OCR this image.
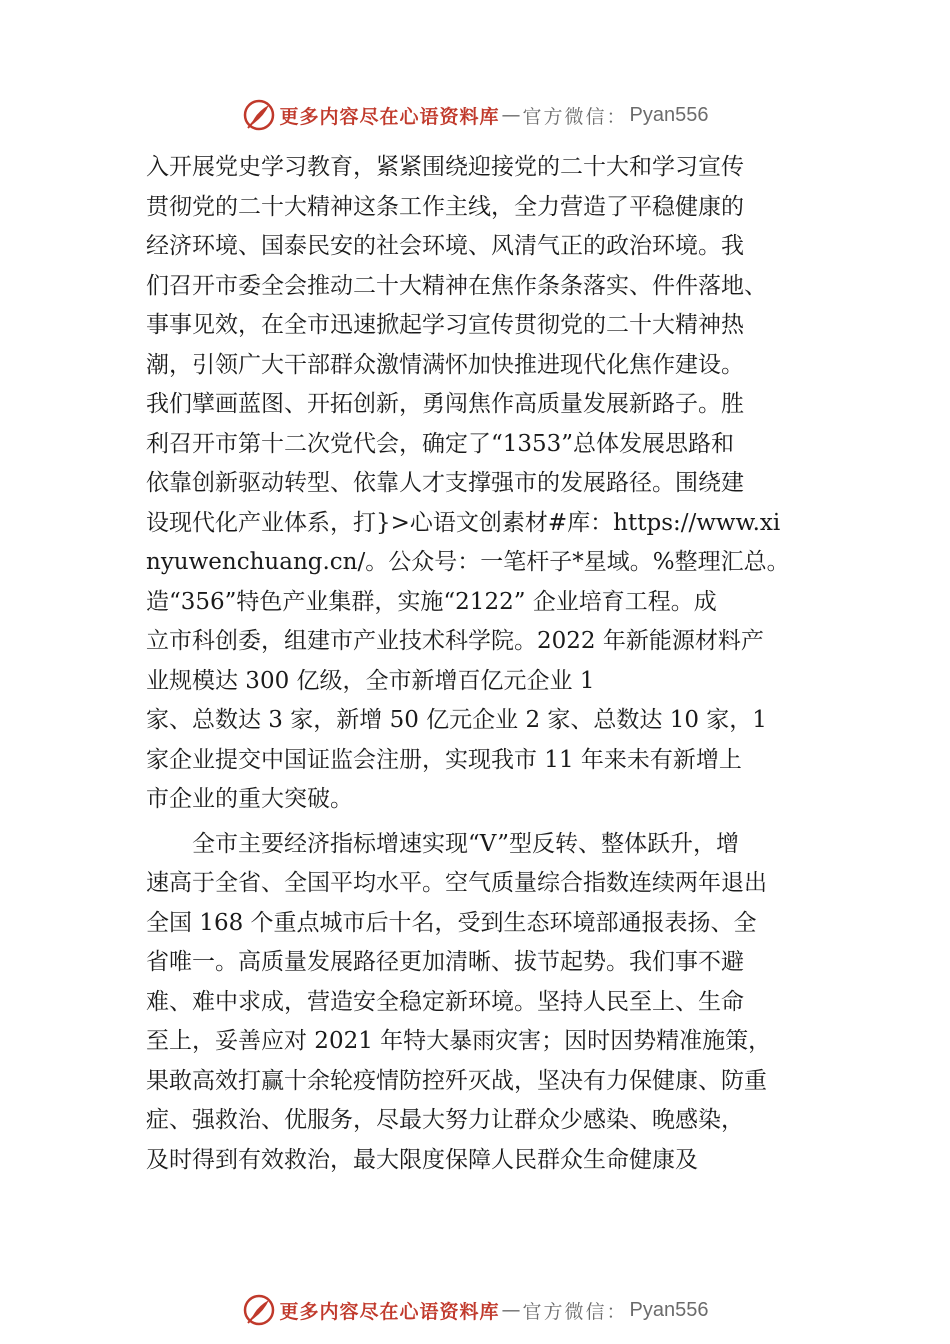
更多内容尽在心语资料库 — 官方微信： Pyan556
入开展党史学习教育，紧紧围绕迎接党的二十大和学习宣传
贯彻党的二十大精神这条工作主线，全力营造了平稳健康的
经济环境、国泰民安的社会环境、风清气正的政治环境。我
们召开市委全会推动二十大精神在焦作条条落实、件件落地、
事事见效，在全市迅速掀起学习宣传贯彻党的二十大精神热
潮，引领广大干部群众激情满怀加快推进现代化焦作建设。
我们擘画蓝图、开拓创新，勇闯焦作高质量发展新路子。胜
利召开市第十二次党代会，确定了“1353”总体发展思路和
依靠创新驱动转型、依靠人才支撑强市的发展路径。围绕建
设现代化产业体系，打}>心语文创素材#库：https://www.xi
nyuwenchuang.cn/。公众号：一笔杆子*星域。%整理汇总。
造“356”特色产业集群，实施“2122” 企业培育工程。成
立市科创委，组建市产业技术科学院。2022 年新能源材料产
业规模达 300 亿级，全市新增百亿元企业 1
家、总数达 3 家，新增 50 亿元企业 2 家、总数达 10 家，1
家企业提交中国证监会注册，实现我市 11 年来未有新增上
市企业的重大突破。
　　全市主要经济指标增速实现“V”型反转、整体跃升，增
速高于全省、全国平均水平。空气质量综合指数连续两年退出
全国 168 个重点城市后十名，受到生态环境部通报表扬、全
省唯一。高质量发展路径更加清晰、拔节起势。我们事不避
难、难中求成，营造安全稳定新环境。坚持人民至上、生命
至上，妥善应对 2021 年特大暴雨灾害；因时因势精准施策，
果敢高效打赢十余轮疫情防控歼灭战，坚决有力保健康、防重
症、强救治、优服务，尽最大努力让群众少感染、晚感染，
及时得到有效救治，最大限度保障人民群众生命健康及
更多内容尽在心语资料库 — 官方微信： Pyan556
